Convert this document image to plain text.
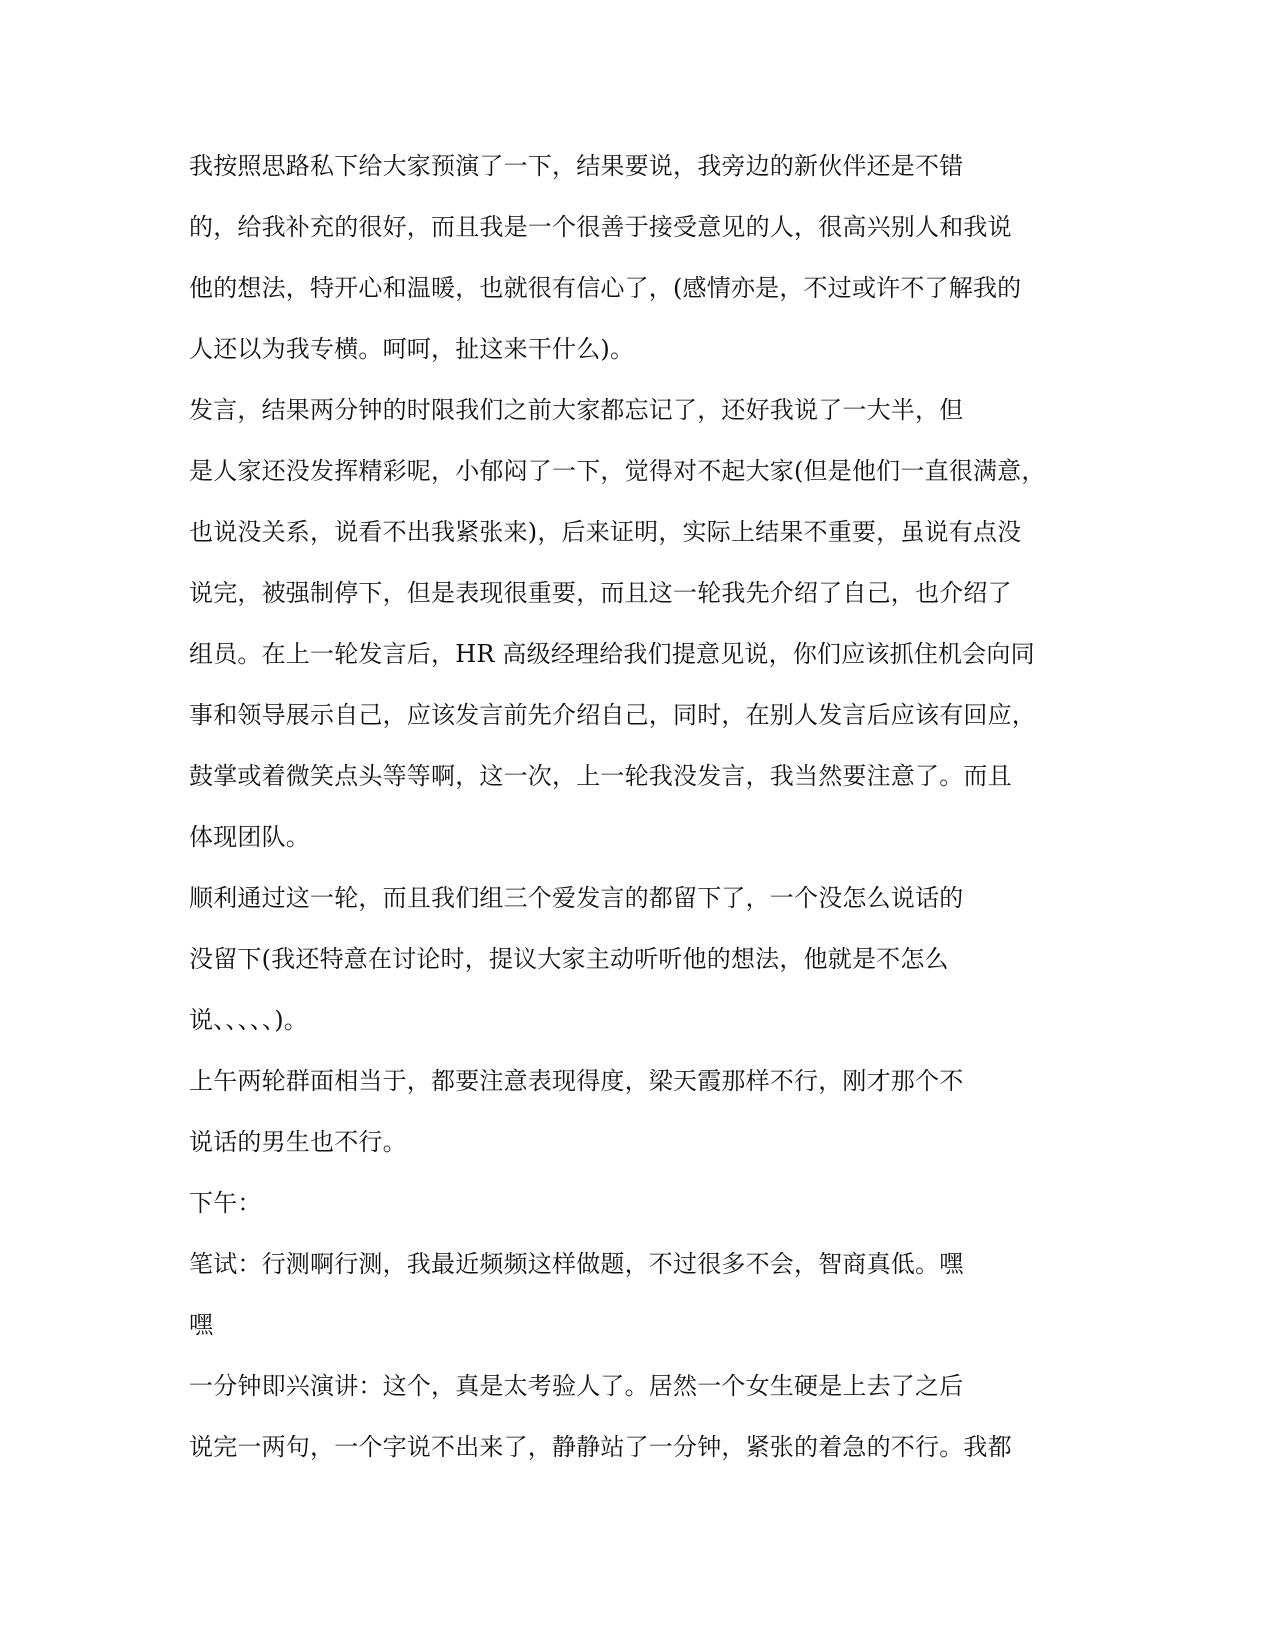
我按照思路私下给大家预演了一下，结果要说，我旁边的新伙伴还是不错
的，给我补充的很好，而且我是一个很善于接受意见的人，很高兴别人和我说
他的想法，特开心和温暖，也就很有信心了，(感情亦是，不过或许不了解我的
人还以为我专横。呵呵，扯这来干什么)。
发言，结果两分钟的时限我们之前大家都忘记了，还好我说了一大半，但
是人家还没发挥精彩呢，小郁闷了一下，觉得对不起大家(但是他们一直很满意，
也说没关系，说看不出我紧张来)，后来证明，实际上结果不重要，虽说有点没
说完，被强制停下，但是表现很重要，而且这一轮我先介绍了自己，也介绍了
组员。在上一轮发言后，HR 高级经理给我们提意见说，你们应该抓住机会向同
事和领导展示自己，应该发言前先介绍自己，同时，在别人发言后应该有回应，
鼓掌或着微笑点头等等啊，这一次，上一轮我没发言，我当然要注意了。而且
体现团队。
顺利通过这一轮，而且我们组三个爱发言的都留下了，一个没怎么说话的
没留下(我还特意在讨论时，提议大家主动听听他的想法，他就是不怎么
说、、、、、)。
上午两轮群面相当于，都要注意表现得度，梁天霞那样不行，刚才那个不
说话的男生也不行。
下午：
笔试：行测啊行测，我最近频频这样做题，不过很多不会，智商真低。嘿
嘿
一分钟即兴演讲：这个，真是太考验人了。居然一个女生硬是上去了之后
说完一两句，一个字说不出来了，静静站了一分钟，紧张的着急的不行。我都
